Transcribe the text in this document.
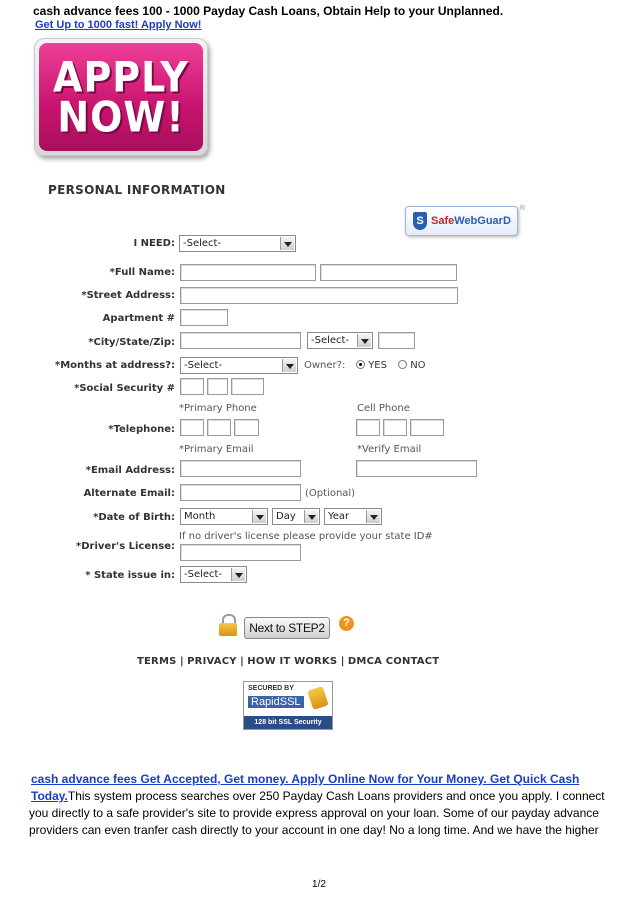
cash advance fees 100 - 1000 Payday Cash Loans, Obtain Help to your Unplanned.
Get Up to 1000 fast! Apply Now!
APPLY
NOW!
PERSONAL INFORMATION
S SafeWebGuarD
®
I NEED: -Select-
*Full Name:
*Street Address:
Apartment #
*City/State/Zip:	-Select-
*Months at address?: -Select-	Owner?:	YES	NO
*Social Security #
*Primary Phone	Cell Phone
*Telephone:
*Primary Email	*Verify Email
*Email Address:
Alternate Email:	(Optional)
*Date of Birth: Month	Day	Year
If no driver's license please provide your state ID#
*Driver's License:
* State issue in: -Select-
Next to STEP2	?
TERMS | PRIVACY | HOW IT WORKS | DMCA CONTACT
SECURED BY
RapidSSL
128 bit SSL Security
cash advance fees Get Accepted, Get money. Apply Online Now for Your Money. Get Quick Cash
Today.This system process searches over 250 Payday Cash Loans providers and once you apply. I connect
you directly to a safe provider's site to provide express approval on your loan. Some of our payday advance
providers can even tranfer cash directly to your account in one day! No a long time. And we have the higher
1/2
